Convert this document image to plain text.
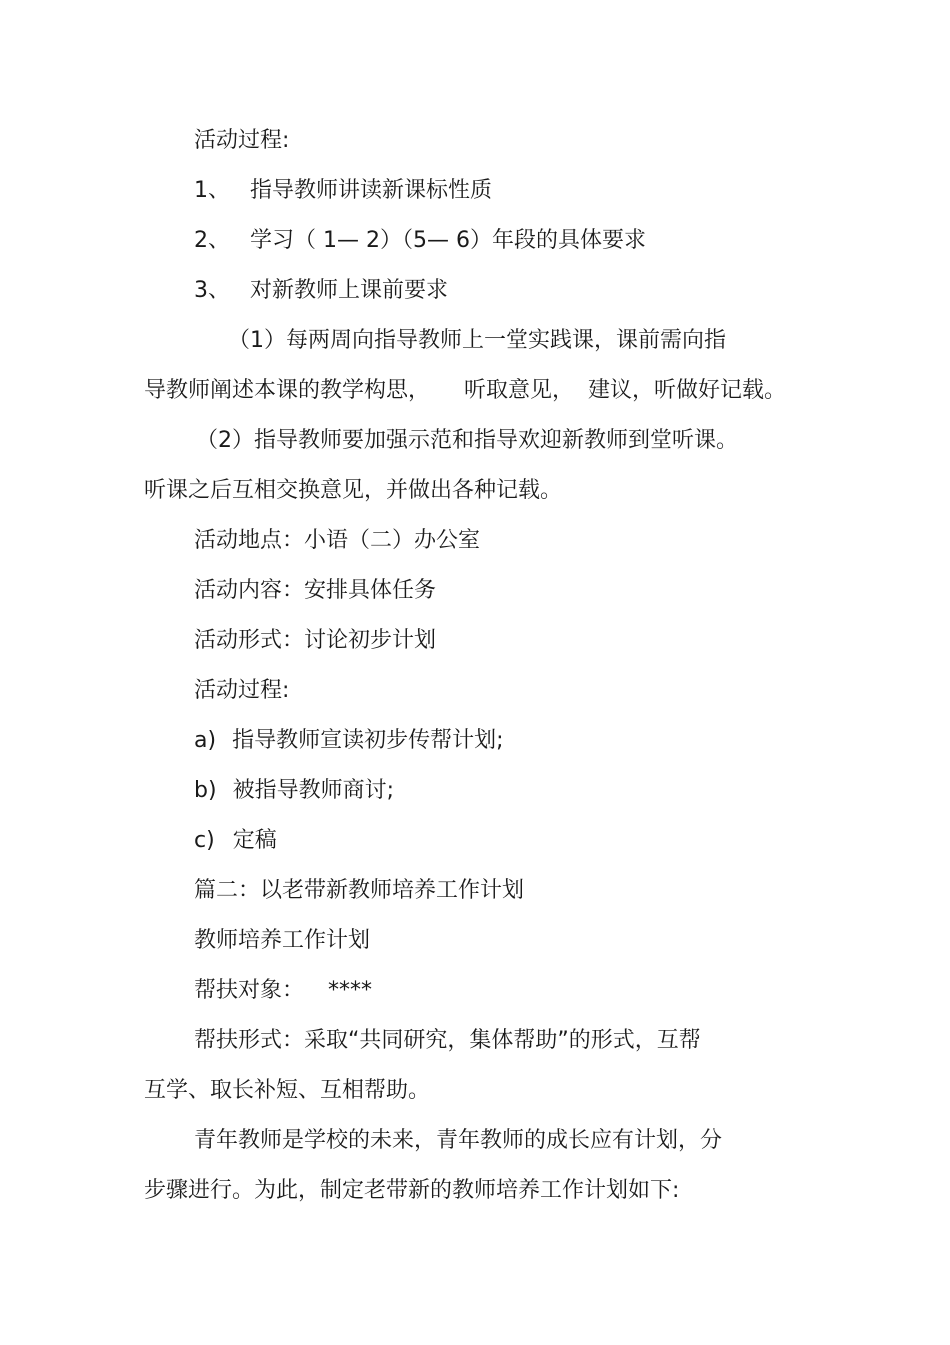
活动过程:
1、 指导教师讲读新课标性质
2、 学习（ 1— 2）（5— 6）年段的具体要求
3、 对新教师上课前要求
（1）每两周向指导教师上一堂实践课，课前需向指
导教师阐述本课的教学构思， 听取意见， 建议，听做好记载。
（2）指导教师要加强示范和指导欢迎新教师到堂听课。
听课之后互相交换意见，并做出各种记载。
活动地点：小语（二）办公室
活动内容：安排具体任务
活动形式：讨论初步计划
活动过程:
a) 指导教师宣读初步传帮计划;
b) 被指导教师商讨;
c) 定稿
篇二：以老带新教师培养工作计划
教师培养工作计划
帮扶对象： ****
帮扶形式：采取“共同研究，集体帮助”的形式，互帮
互学、取长补短、互相帮助。
青年教师是学校的未来，青年教师的成长应有计划，分
步骤进行。为此，制定老带新的教师培养工作计划如下:
